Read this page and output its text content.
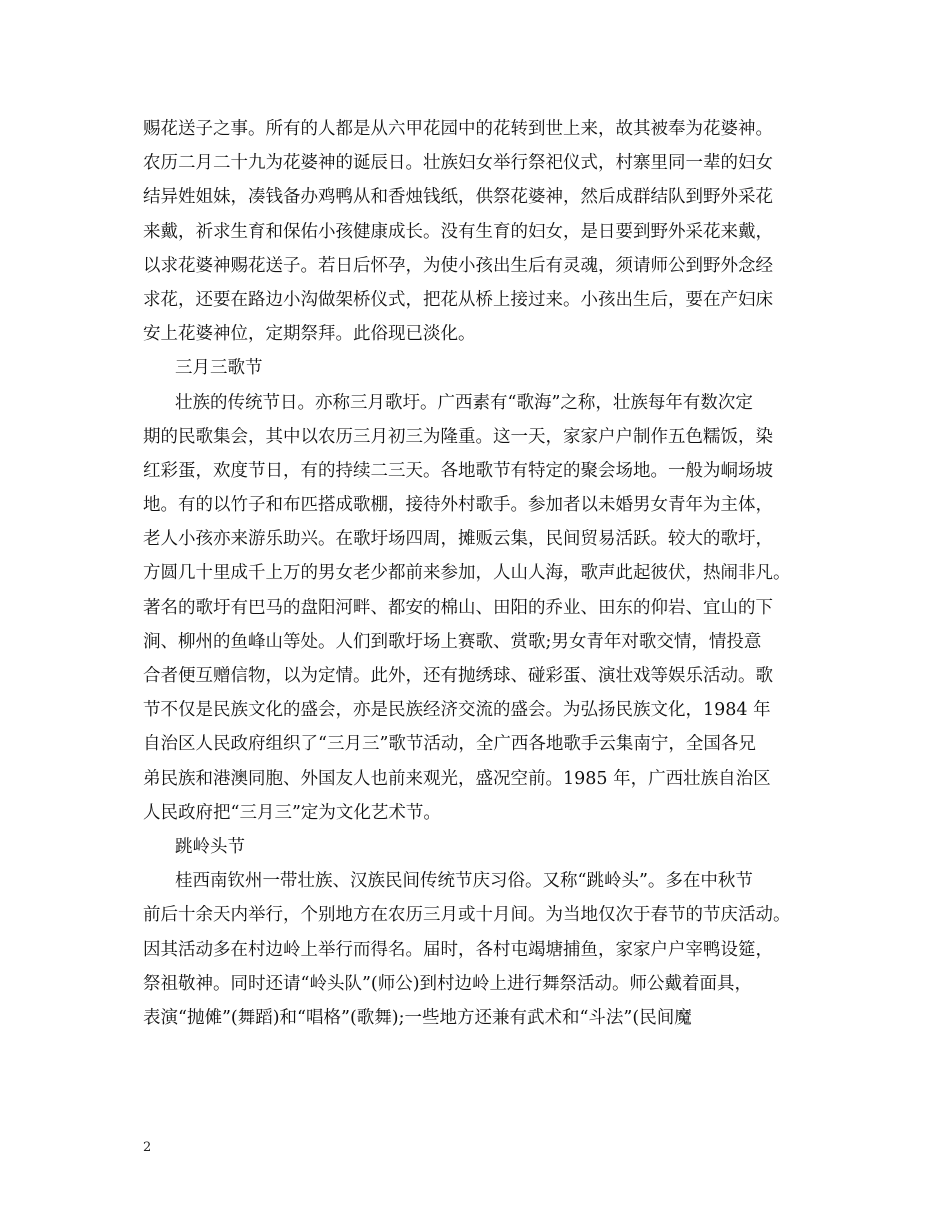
赐花送子之事。所有的人都是从六甲花园中的花转到世上来，故其被奉为花婆神。
农历二月二十九为花婆神的诞辰日。壮族妇女举行祭祀仪式，村寨里同一辈的妇女
结异姓姐妹，凑钱备办鸡鸭从和香烛钱纸，供祭花婆神，然后成群结队到野外采花
来戴，祈求生育和保佑小孩健康成长。没有生育的妇女，是日要到野外采花来戴，
以求花婆神赐花送子。若日后怀孕，为使小孩出生后有灵魂，须请师公到野外念经
求花，还要在路边小沟做架桥仪式，把花从桥上接过来。小孩出生后，要在产妇床
安上花婆神位，定期祭拜。此俗现已淡化。
三月三歌节
壮族的传统节日。亦称三月歌圩。广西素有“歌海”之称，壮族每年有数次定
期的民歌集会，其中以农历三月初三为隆重。这一天，家家户户制作五色糯饭，染
红彩蛋，欢度节日，有的持续二三天。各地歌节有特定的聚会场地。一般为峒场坡
地。有的以竹子和布匹搭成歌棚，接待外村歌手。参加者以未婚男女青年为主体，
老人小孩亦来游乐助兴。在歌圩场四周，摊贩云集，民间贸易活跃。较大的歌圩，
方圆几十里成千上万的男女老少都前来参加，人山人海，歌声此起彼伏，热闹非凡。
著名的歌圩有巴马的盘阳河畔、都安的棉山、田阳的乔业、田东的仰岩、宜山的下
涧、柳州的鱼峰山等处。人们到歌圩场上赛歌、赏歌;男女青年对歌交情，情投意
合者便互赠信物，以为定情。此外，还有抛绣球、碰彩蛋、演壮戏等娱乐活动。歌
节不仅是民族文化的盛会，亦是民族经济交流的盛会。为弘扬民族文化，1984 年
自治区人民政府组织了“三月三”歌节活动，全广西各地歌手云集南宁，全国各兄
弟民族和港澳同胞、外国友人也前来观光，盛况空前。1985 年，广西壮族自治区
人民政府把“三月三”定为文化艺术节。
跳岭头节
桂西南钦州一带壮族、汉族民间传统节庆习俗。又称“跳岭头”。多在中秋节
前后十余天内举行，个别地方在农历三月或十月间。为当地仅次于春节的节庆活动。
因其活动多在村边岭上举行而得名。届时，各村屯竭塘捕鱼，家家户户宰鸭设筵，
祭祖敬神。同时还请“岭头队”(师公)到村边岭上进行舞祭活动。师公戴着面具，
表演“抛傩”(舞蹈)和“唱格”(歌舞);一些地方还兼有武术和“斗法”(民间魔
2
